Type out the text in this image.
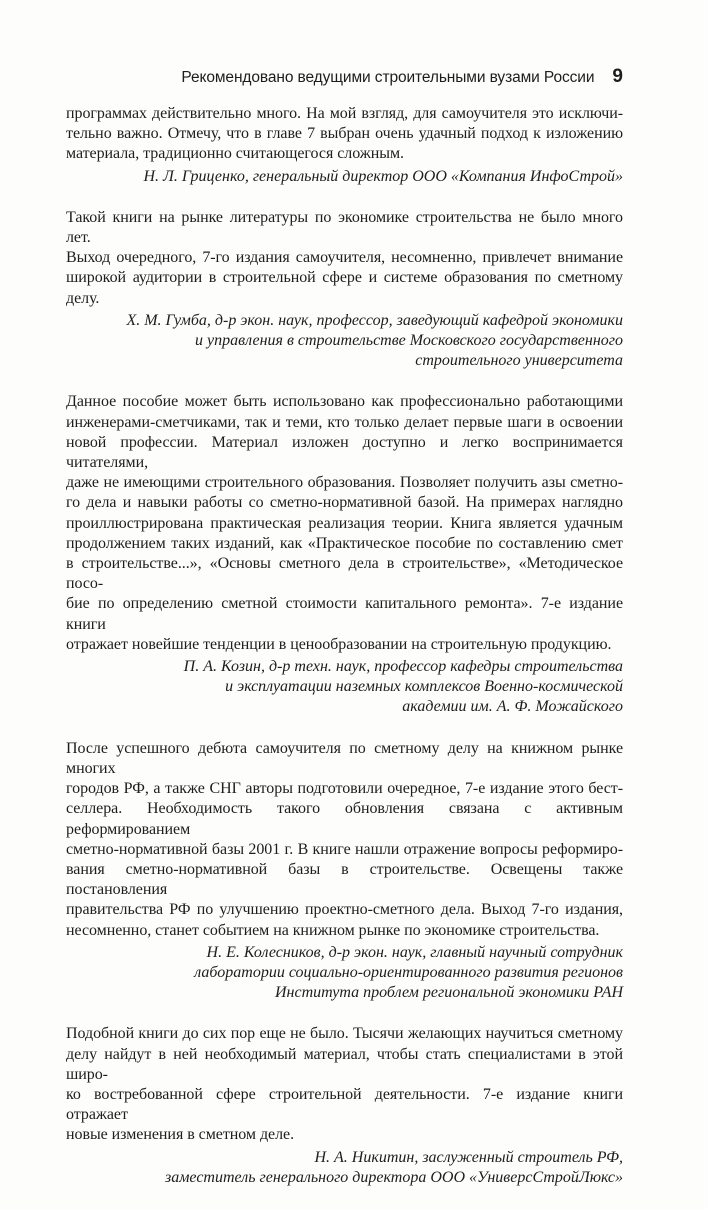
Рекомендовано ведущими строительными вузами России 9

программах действительно много. На мой взгляд, для самоучителя это исключи-
тельно важно. Отмечу, что в главе 7 выбран очень удачный подход к изложению
материала, традиционно считающегося сложным.

Н. Л. Гриценко, генеральный директор ООО «Компания ИнфоСтрой»

Такой книги на рынке литературы по экономике строительства не было много лет.
Выход очередного, 7-го издания самоучителя, несомненно, привлечет внимание
широкой аудитории в строительной сфере и системе образования по сметному делу.

Х. М. Гумба, д-р экон. наук, профессор, заведующий кафедрой экономики
и управления в строительстве Московского государственного
строительного университета

Данное пособие может быть использовано как профессионально работающими
инженерами-сметчиками, так и теми, кто только делает первые шаги в освоении
новой профессии. Материал изложен доступно и легко воспринимается читателями,
даже не имеющими строительного образования. Позволяет получить азы сметно-
го дела и навыки работы со сметно-нормативной базой. На примерах наглядно
проиллюстрирована практическая реализация теории. Книга является удачным
продолжением таких изданий, как «Практическое пособие по составлению смет
в строительстве...», «Основы сметного дела в строительстве», «Методическое посо-
бие по определению сметной стоимости капитального ремонта». 7-е издание книги
отражает новейшие тенденции в ценообразовании на строительную продукцию.

П. А. Козин, д-р техн. наук, профессор кафедры строительства
и эксплуатации наземных комплексов Военно-космической
академии им. А. Ф. Можайского

После успешного дебюта самоучителя по сметному делу на книжном рынке многих
городов РФ, а также СНГ авторы подготовили очередное, 7-е издание этого бест-
селлера. Необходимость такого обновления связана с активным реформированием
сметно-нормативной базы 2001 г. В книге нашли отражение вопросы реформиро-
вания сметно-нормативной базы в строительстве. Освещены также постановления
правительства РФ по улучшению проектно-сметного дела. Выход 7-го издания,
несомненно, станет событием на книжном рынке по экономике строительства.

Н. Е. Колесников, д-р экон. наук, главный научный сотрудник
лаборатории социально-ориентированного развития регионов
Института проблем региональной экономики РАН

Подобной книги до сих пор еще не было. Тысячи желающих научиться сметному
делу найдут в ней необходимый материал, чтобы стать специалистами в этой широ-
ко востребованной сфере строительной деятельности. 7-е издание книги отражает
новые изменения в сметном деле.

Н. А. Никитин, заслуженный строитель РФ,
заместитель генерального директора ООО «УниверсСтройЛюкс»
